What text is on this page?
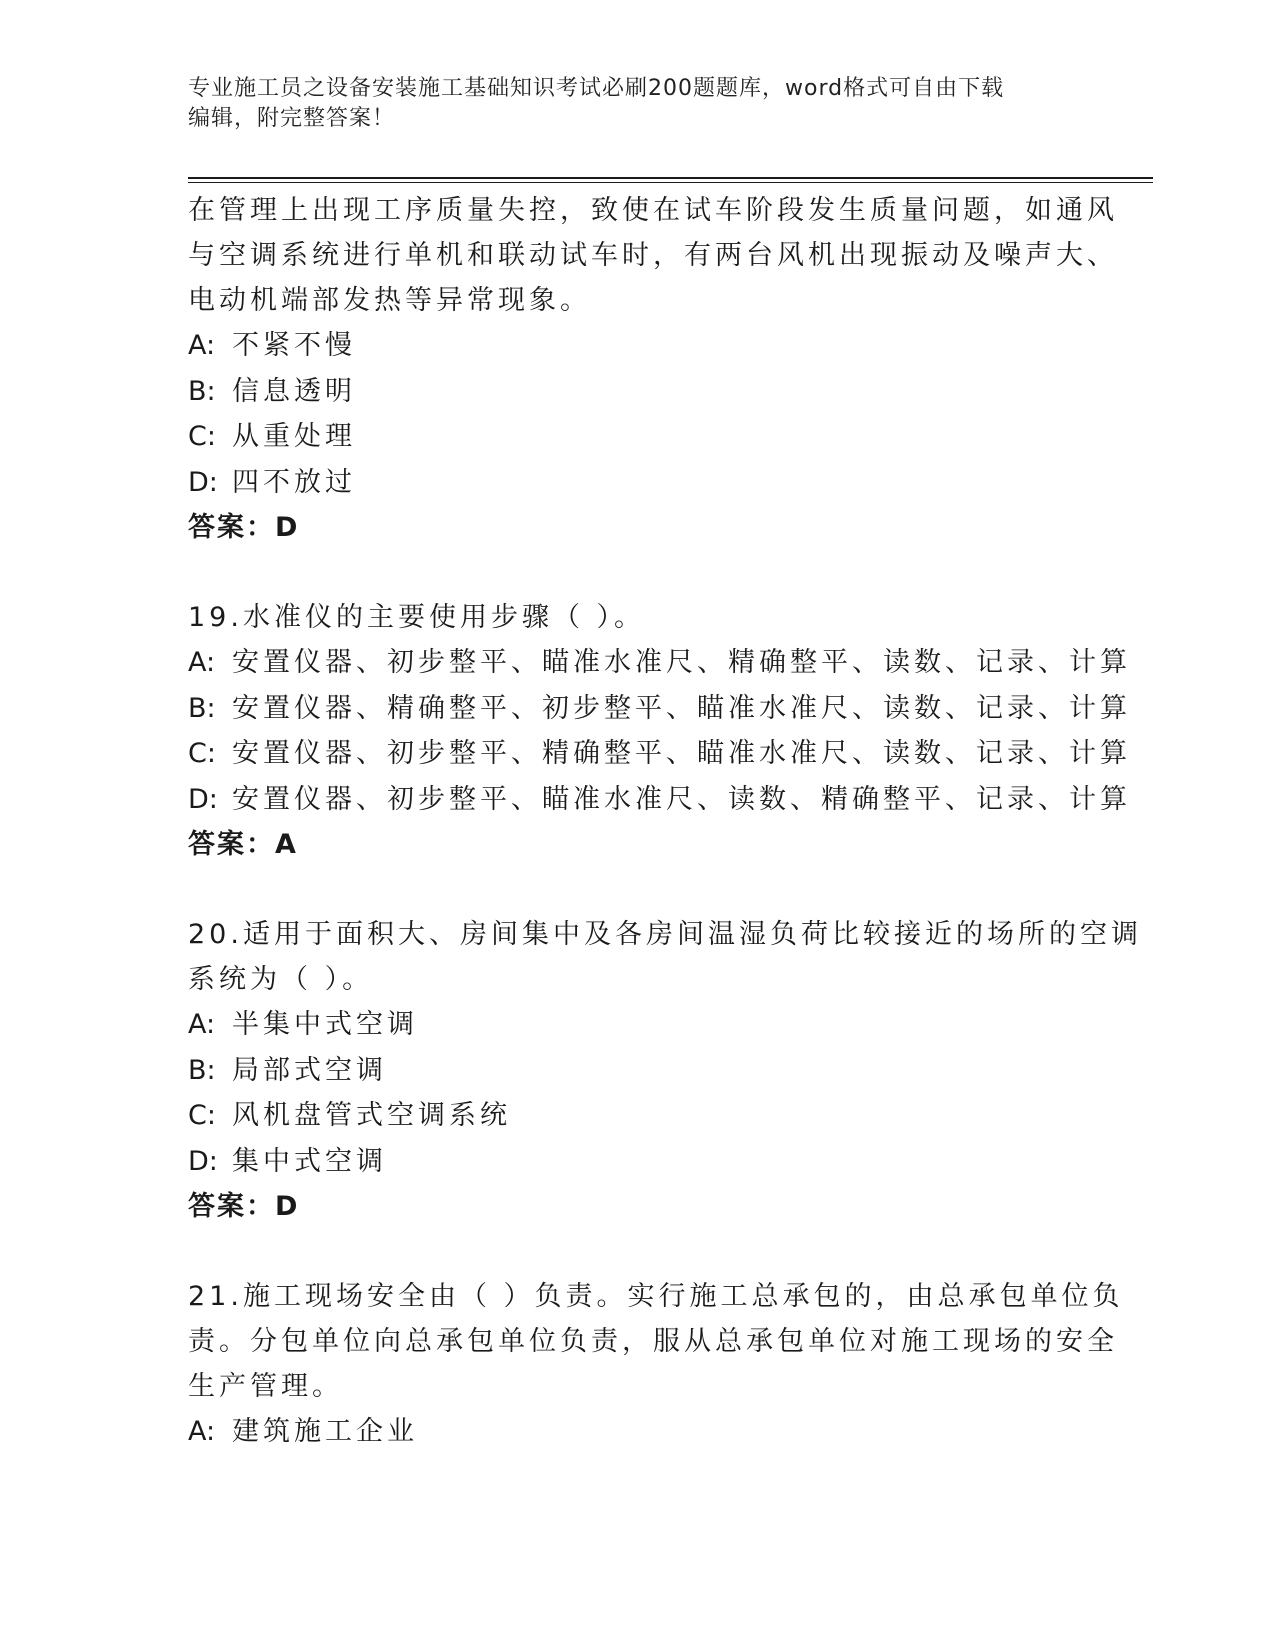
专业施工员之设备安装施工基础知识考试必刷200题题库，word格式可自由下载
编辑，附完整答案！
在管理上出现工序质量失控，致使在试车阶段发生质量问题，如通风
与空调系统进行单机和联动试车时，有两台风机出现振动及噪声大、
电动机端部发热等异常现象。
A: 不紧不慢
B: 信息透明
C: 从重处理
D: 四不放过
答案：D
19.水准仪的主要使用步骤（ ）。
A: 安置仪器、初步整平、瞄准水准尺、精确整平、读数、记录、计算
B: 安置仪器、精确整平、初步整平、瞄准水准尺、读数、记录、计算
C: 安置仪器、初步整平、精确整平、瞄准水准尺、读数、记录、计算
D: 安置仪器、初步整平、瞄准水准尺、读数、精确整平、记录、计算
答案：A
20.适用于面积大、房间集中及各房间温湿负荷比较接近的场所的空调
系统为（ ）。
A: 半集中式空调
B: 局部式空调
C: 风机盘管式空调系统
D: 集中式空调
答案：D
21.施工现场安全由（ ）负责。实行施工总承包的，由总承包单位负
责。分包单位向总承包单位负责，服从总承包单位对施工现场的安全
生产管理。
A: 建筑施工企业
